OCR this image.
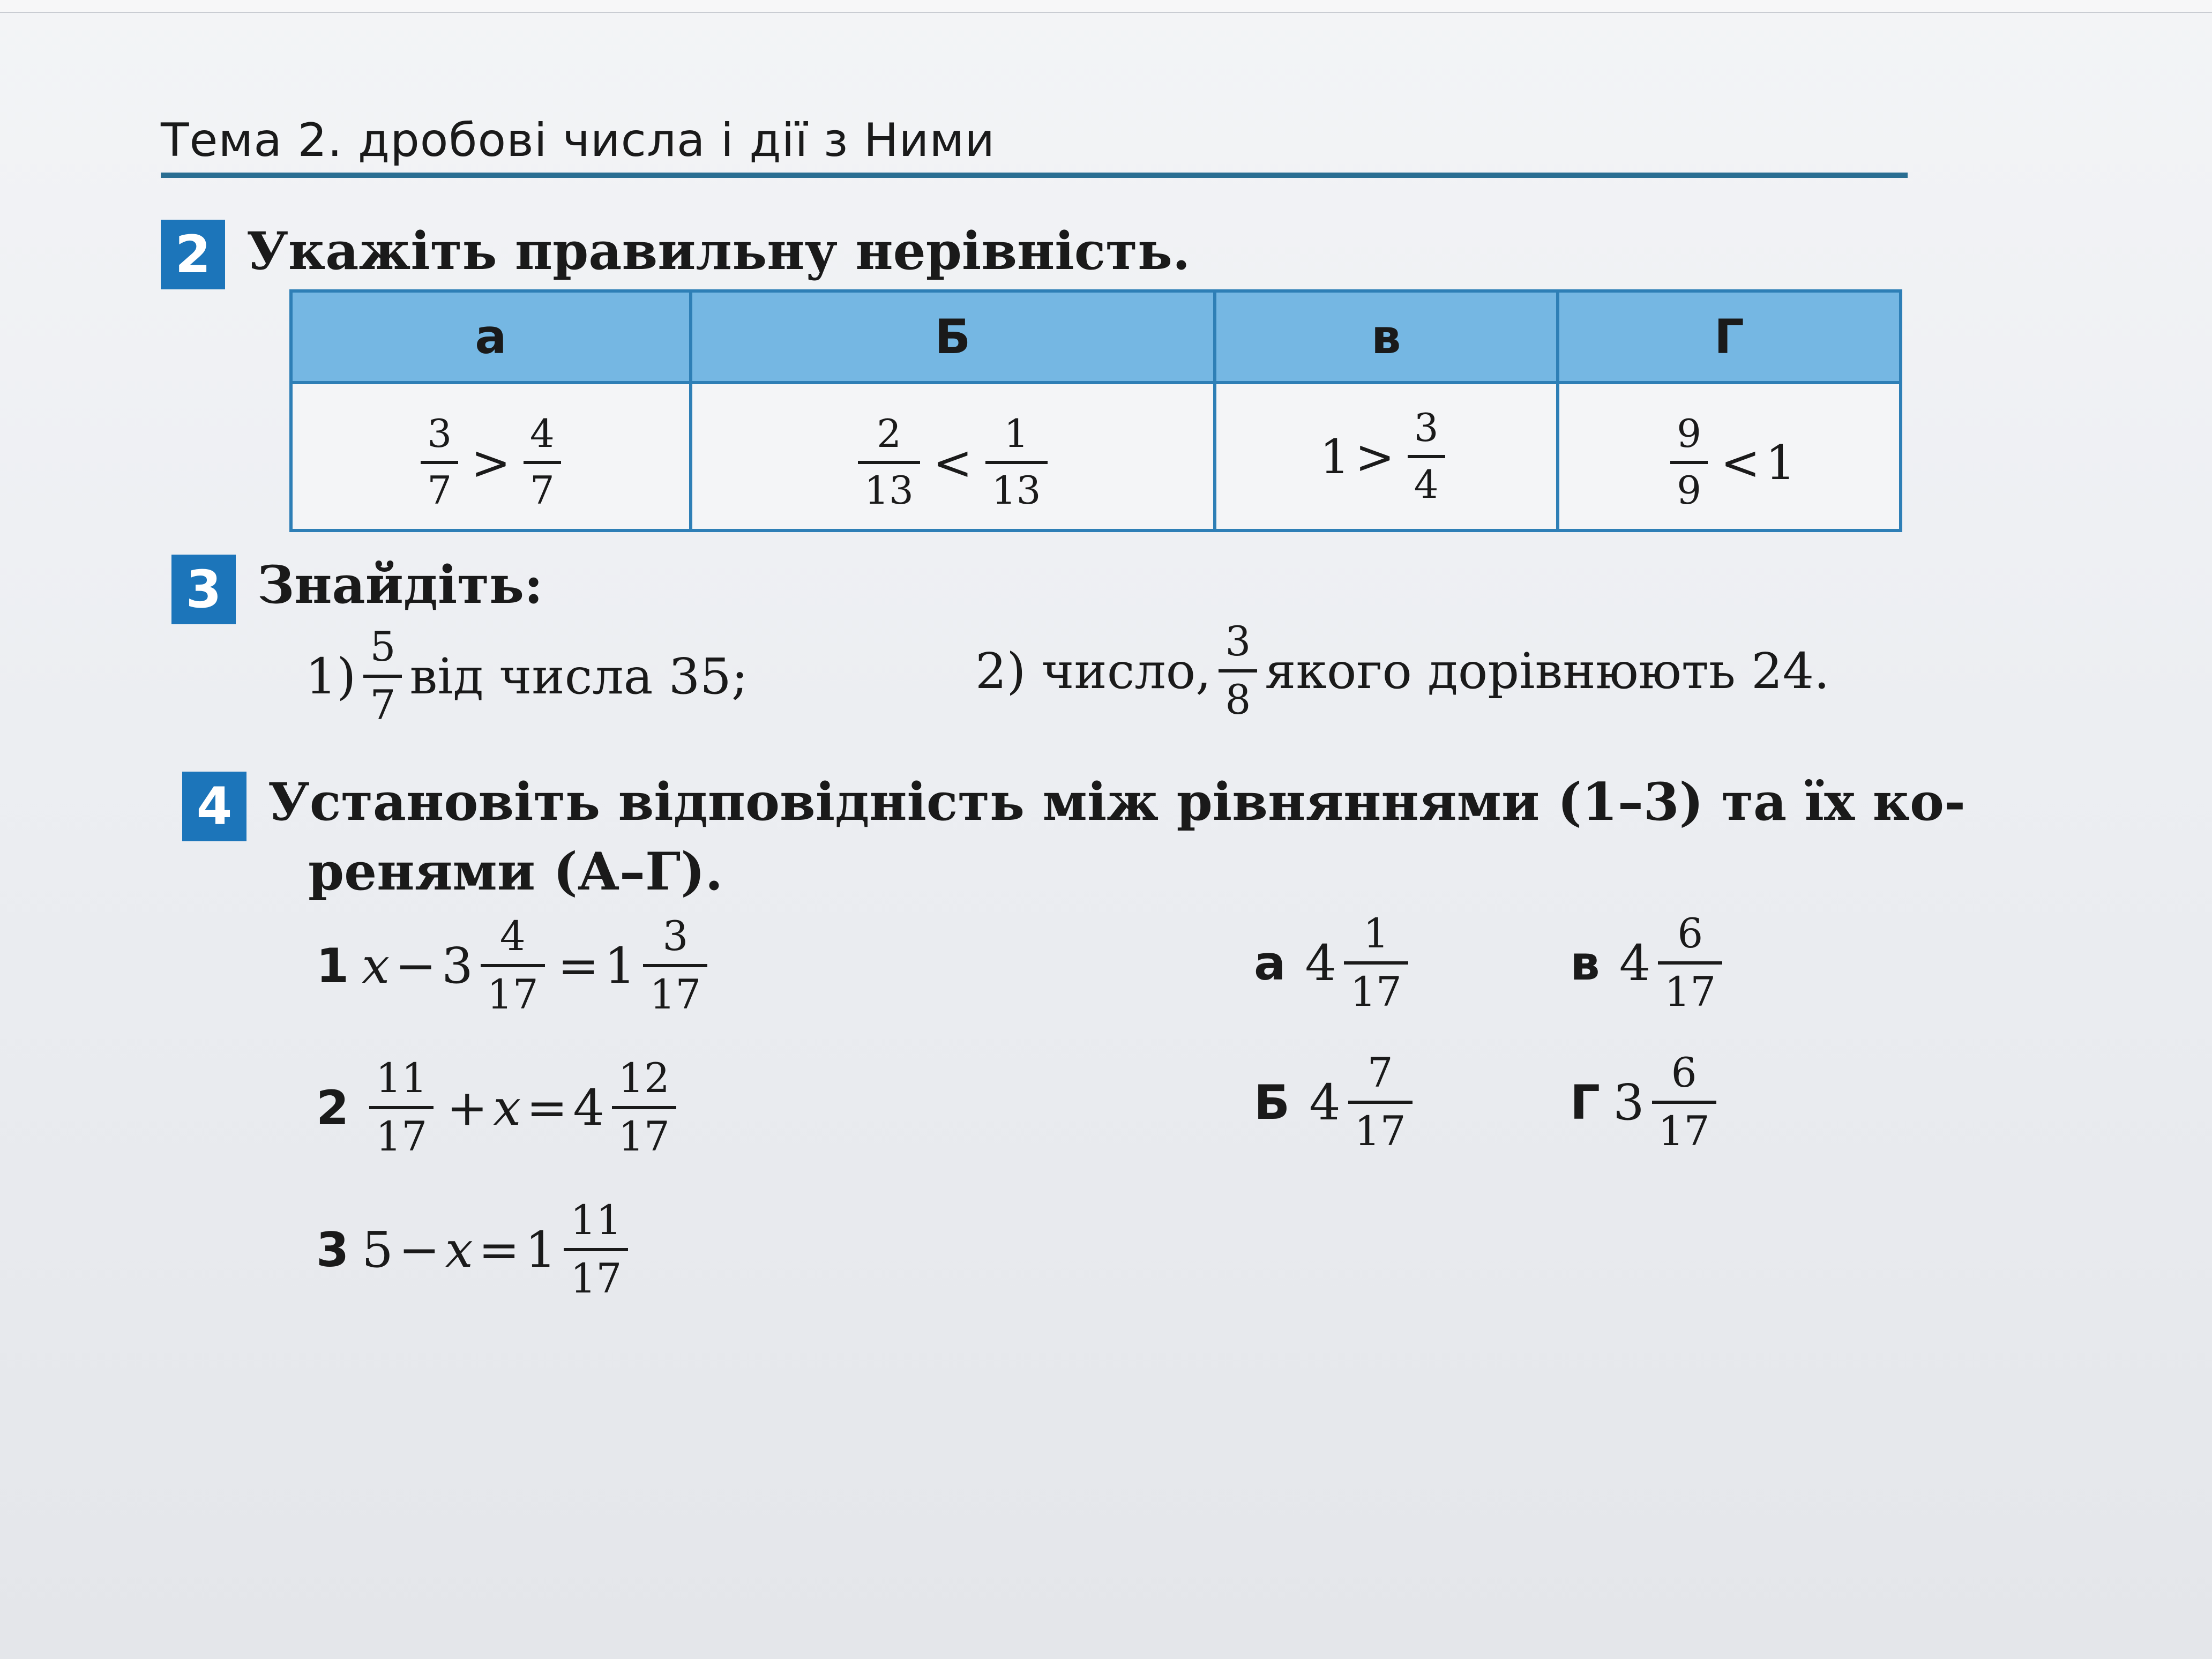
Тема 2. дробові числа і дії з Ними
2 Укажіть правильну нерівність.
а	Б	в	Г

$\frac{3}{7} > \frac{4}{7}$	$\frac{2}{13} < \frac{1}{13}$	$1 > \frac{3}{4}$	$\frac{9}{9} < 1$
3 Знайдіть:
$1) \frac{5}{7}$ від числа 35;	2) число, $\frac{3}{8}$ якого дорівнюють 24.
4 Установіть відповідність між рівняннями (1–3) та їх ко-
ренями (А–Г).
1 $x - 3 \frac{4}{17} = 1 \frac{3}{17}$
$2 \frac{11}{17} + x = 4 \frac{12}{17}$
3 $5 - x = 1 \frac{11}{17}$
а $4 \frac{1}{17}$	в $4 \frac{6}{17}$
Б $4 \frac{7}{17}$	Г $3 \frac{6}{17}$
